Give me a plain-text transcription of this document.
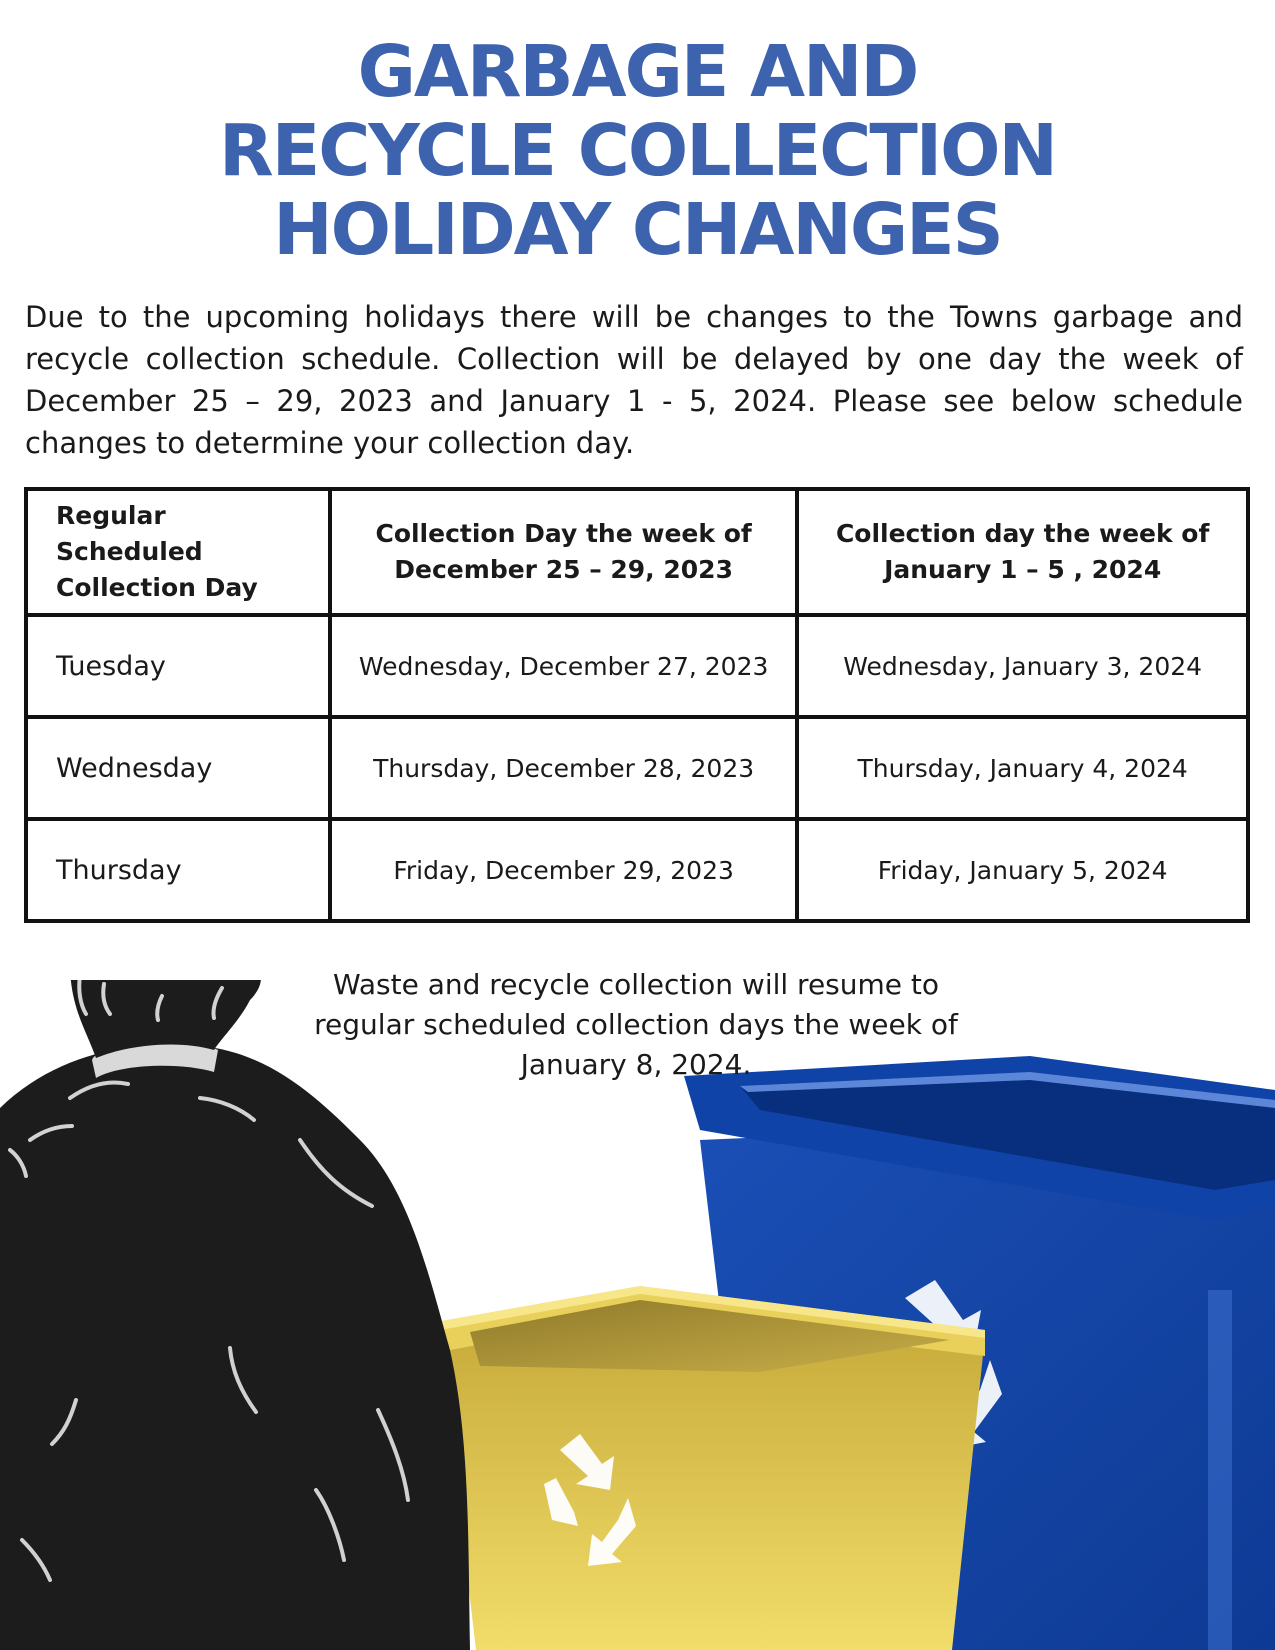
GARBAGE AND
RECYCLE COLLECTION
HOLIDAY CHANGES

Due to the upcoming holidays there will be changes to the Towns garbage and recycle collection schedule. Collection will be delayed by one day the week of December 25 – 29, 2023 and January 1 - 5, 2024. Please see below schedule changes to determine your collection day.

Regular Scheduled Collection Day	Collection Day the week of December 25 – 29, 2023	Collection day the week of January 1 – 5 , 2024
Tuesday	Wednesday, December 27, 2023	Wednesday, January 3, 2024
Wednesday	Thursday, December 28, 2023	Thursday, January 4, 2024
Thursday	Friday, December 29, 2023	Friday, January 5, 2024

Waste and recycle collection will resume to regular scheduled collection days the week of January 8, 2024.
